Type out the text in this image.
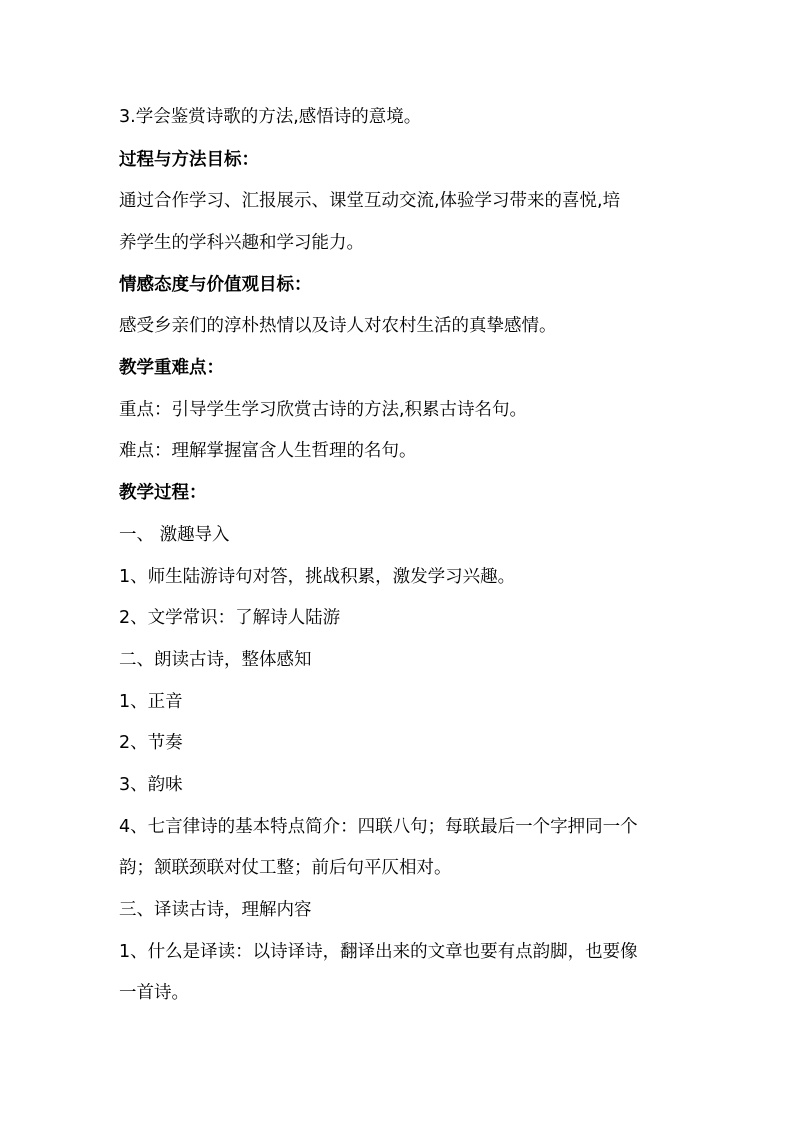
3.学会鉴赏诗歌的方法,感悟诗的意境。
过程与方法目标：
通过合作学习、汇报展示、课堂互动交流,体验学习带来的喜悦,培
养学生的学科兴趣和学习能力。
情感态度与价值观目标：
感受乡亲们的淳朴热情以及诗人对农村生活的真挚感情。
教学重难点：
重点：引导学生学习欣赏古诗的方法,积累古诗名句。
难点：理解掌握富含人生哲理的名句。
教学过程：
一、 激趣导入
1、师生陆游诗句对答，挑战积累，激发学习兴趣。
2、文学常识：了解诗人陆游
二、朗读古诗，整体感知
1、正音
2、节奏
3、韵味
4、七言律诗的基本特点简介：四联八句；每联最后一个字押同一个
韵；颔联颈联对仗工整；前后句平仄相对。
三、译读古诗，理解内容
1、什么是译读：以诗译诗，翻译出来的文章也要有点韵脚，也要像
一首诗。
